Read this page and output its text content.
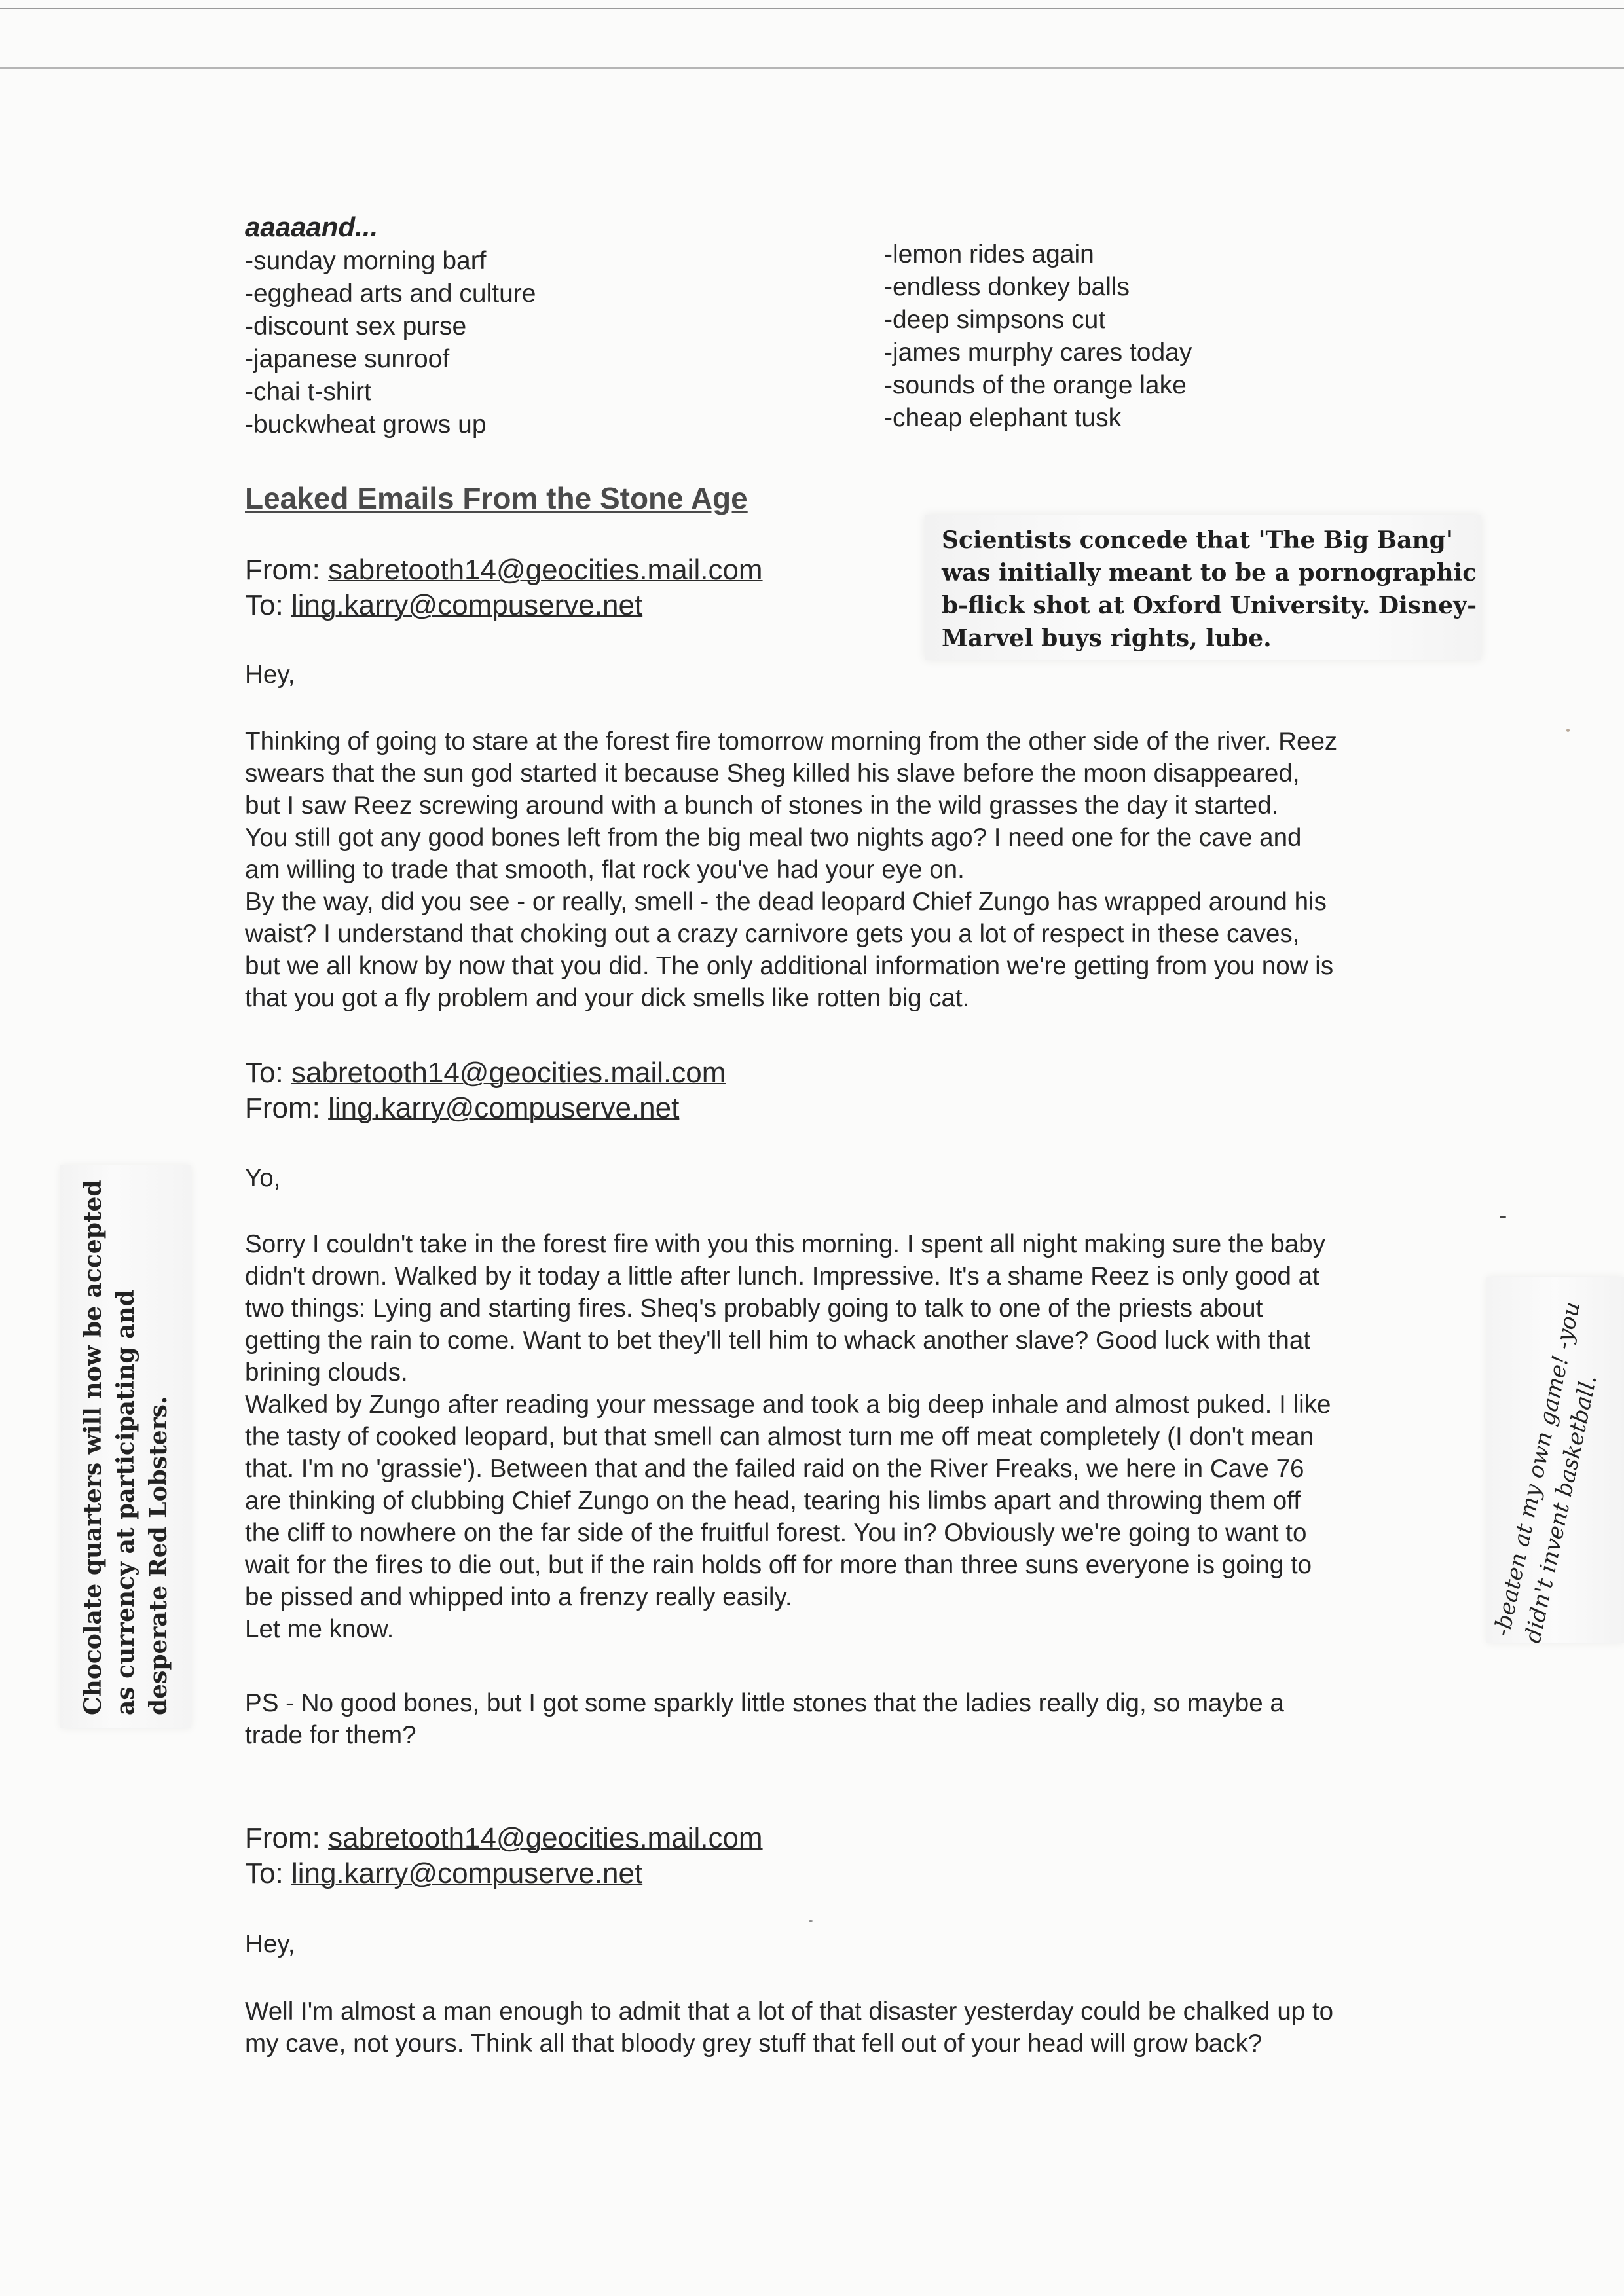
aaaaand...

-sunday morning barf
-egghead arts and culture
-discount sex purse
-japanese sunroof
-chai t-shirt
-buckwheat grows up
-lemon rides again
-endless donkey balls
-deep simpsons cut
-james murphy cares today
-sounds of the orange lake
-cheap elephant tusk
Leaked Emails From the Stone Age

Scientists concede that 'The Big Bang' was initially meant to be a pornographic b-flick shot at Oxford University. Disney-Marvel buys rights, lube.

From: sabretooth14@geocities.mail.com
To: ling.karry@compuserve.net

Hey,

Thinking of going to stare at the forest fire tomorrow morning from the other side of the river. Reez
swears that the sun god started it because Sheg killed his slave before the moon disappeared,
but I saw Reez screwing around with a bunch of stones in the wild grasses the day it started.
You still got any good bones left from the big meal two nights ago? I need one for the cave and
am willing to trade that smooth, flat rock you've had your eye on.
By the way, did you see - or really, smell - the dead leopard Chief Zungo has wrapped around his
waist? I understand that choking out a crazy carnivore gets you a lot of respect in these caves,
but we all know by now that you did. The only additional information we're getting from you now is
that you got a fly problem and your dick smells like rotten big cat.

To: sabretooth14@geocities.mail.com
From: ling.karry@compuserve.net

Yo,

Sorry I couldn't take in the forest fire with you this morning. I spent all night making sure the baby
didn't drown. Walked by it today a little after lunch. Impressive. It's a shame Reez is only good at
two things: Lying and starting fires. Sheq's probably going to talk to one of the priests about
getting the rain to come. Want to bet they'll tell him to whack another slave? Good luck with that
brining clouds.
Walked by Zungo after reading your message and took a big deep inhale and almost puked. I like
the tasty of cooked leopard, but that smell can almost turn me off meat completely (I don't mean
that. I'm no 'grassie'). Between that and the failed raid on the River Freaks, we here in Cave 76
are thinking of clubbing Chief Zungo on the head, tearing his limbs apart and throwing them off
the cliff to nowhere on the far side of the fruitful forest. You in? Obviously we're going to want to
wait for the fires to die out, but if the rain holds off for more than three suns everyone is going to
be pissed and whipped into a frenzy really easily.
Let me know.

PS - No good bones, but I got some sparkly little stones that the ladies really dig, so maybe a
trade for them?

From: sabretooth14@geocities.mail.com
To: ling.karry@compuserve.net

Hey,

Well I'm almost a man enough to admit that a lot of that disaster yesterday could be chalked up to
my cave, not yours. Think all that bloody grey stuff that fell out of your head will grow back?

Chocolate quarters will now be accepted as currency at participating and desperate Red Lobsters.	-beaten at my own game! -you didn't invent basketball.
